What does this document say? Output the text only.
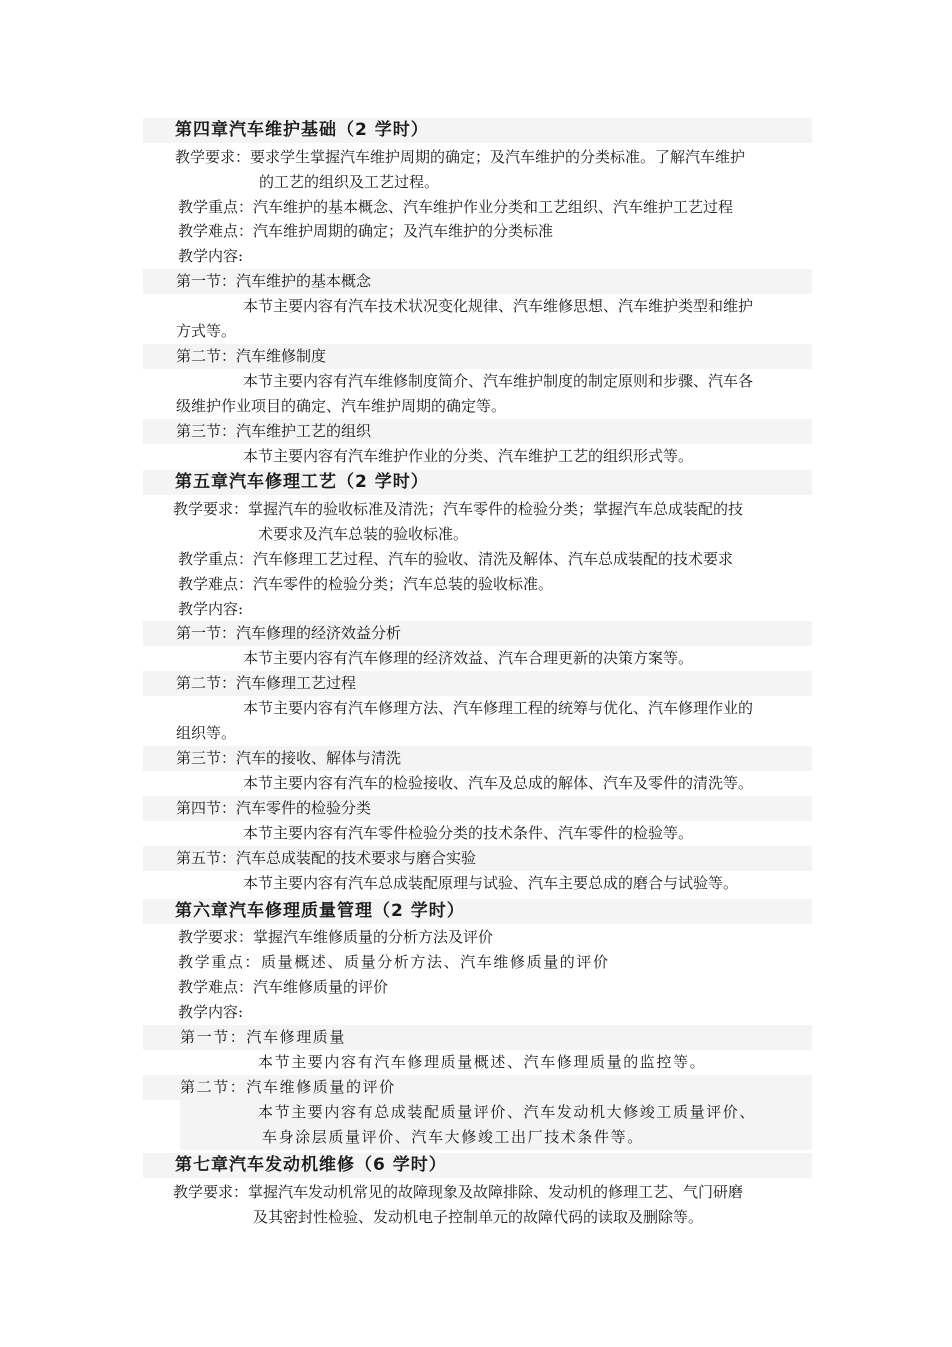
第四章汽车维护基础（2 学时）
教学要求：要求学生掌握汽车维护周期的确定；及汽车维护的分类标准。了解汽车维护
的工艺的组织及工艺过程。
教学重点：汽车维护的基本概念、汽车维护作业分类和工艺组织、汽车维护工艺过程
教学难点：汽车维护周期的确定；及汽车维护的分类标准
教学内容:
第一节：汽车维护的基本概念
本节主要内容有汽车技术状况变化规律、汽车维修思想、汽车维护类型和维护
方式等。
第二节：汽车维修制度
本节主要内容有汽车维修制度简介、汽车维护制度的制定原则和步骤、汽车各
级维护作业项目的确定、汽车维护周期的确定等。
第三节：汽车维护工艺的组织
本节主要内容有汽车维护作业的分类、汽车维护工艺的组织形式等。
第五章汽车修理工艺（2 学时）
教学要求：掌握汽车的验收标准及清洗；汽车零件的检验分类；掌握汽车总成装配的技
术要求及汽车总装的验收标准。
教学重点：汽车修理工艺过程、汽车的验收、清洗及解体、汽车总成装配的技术要求
教学难点：汽车零件的检验分类；汽车总装的验收标准。
教学内容:
第一节：汽车修理的经济效益分析
本节主要内容有汽车修理的经济效益、汽车合理更新的决策方案等。
第二节：汽车修理工艺过程
本节主要内容有汽车修理方法、汽车修理工程的统筹与优化、汽车修理作业的
组织等。
第三节：汽车的接收、解体与清洗
本节主要内容有汽车的检验接收、汽车及总成的解体、汽车及零件的清洗等。
第四节：汽车零件的检验分类
本节主要内容有汽车零件检验分类的技术条件、汽车零件的检验等。
第五节：汽车总成装配的技术要求与磨合实验
本节主要内容有汽车总成装配原理与试验、汽车主要总成的磨合与试验等。
第六章汽车修理质量管理（2 学时）
教学要求：掌握汽车维修质量的分析方法及评价
教学重点：质量概述、质量分析方法、汽车维修质量的评价
教学难点：汽车维修质量的评价
教学内容:
第一节：汽车修理质量
本节主要内容有汽车修理质量概述、汽车修理质量的监控等。
第二节：汽车维修质量的评价
本节主要内容有总成装配质量评价、汽车发动机大修竣工质量评价、
车身涂层质量评价、汽车大修竣工出厂技术条件等。
第七章汽车发动机维修（6 学时）
教学要求：掌握汽车发动机常见的故障现象及故障排除、发动机的修理工艺、气门研磨
及其密封性检验、发动机电子控制单元的故障代码的读取及删除等。
